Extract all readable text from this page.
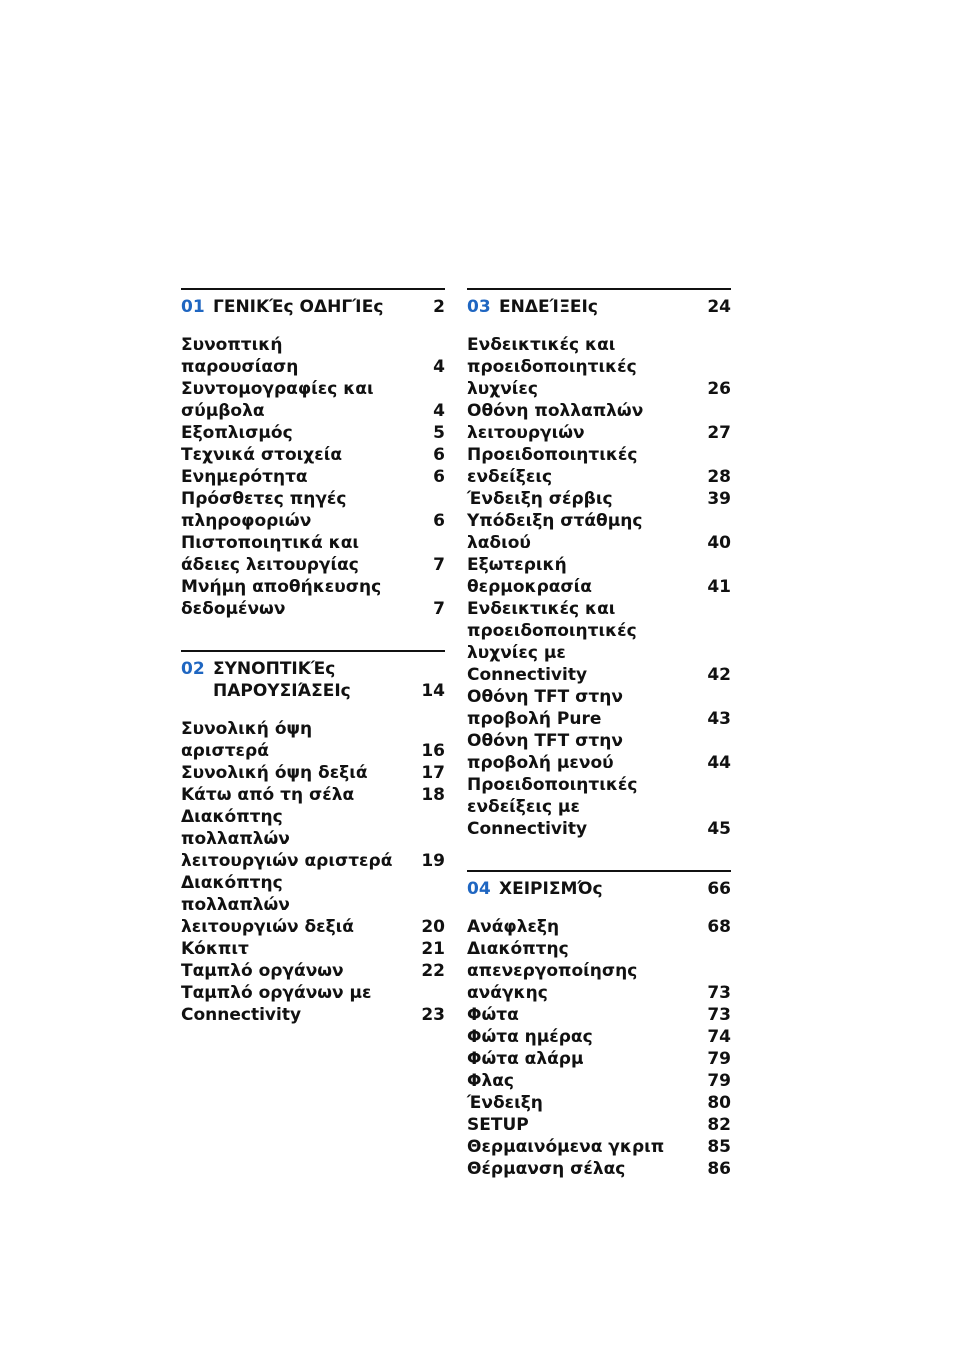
01 ΓΕΝΙΚΈς ΟΔΗΓΊΕς	2
Συνοπτική παρουσίαση	4
Συντομογραφίες και σύμβολα	4
Εξοπλισμός	5
Τεχνικά στοιχεία	6
Ενημερότητα	6
Πρόσθετες πηγές πληροφοριών	6
Πιστοποιητικά και άδειες λειτουργίας	7
Μνήμη αποθήκευσης δεδομένων	7
02 ΣΥΝΟΠΤΙΚΈς ΠΑΡΟΥΣΙΆΣΕΙς	14
Συνολική όψη αριστερά	16
Συνολική όψη δεξιά	17
Κάτω από τη σέλα	18
Διακόπτης πολλαπλών λειτουργιών αριστερά 19
Διακόπτης πολλαπλών λειτουργιών δεξιά	20
Κόκπιτ	21
Ταμπλό οργάνων	22
Ταμπλό οργάνων με Connectivity	23
03 ΕΝΔΕΊΞΕΙς	24
Ενδεικτικές και προειδοποιητικές λυχνίες	26
Οθόνη πολλαπλών λειτουργιών	27
Προειδοποιητικές ενδείξεις	28
Ένδειξη σέρβις	39
Υπόδειξη στάθμης λαδιού	40
Εξωτερική θερμοκρασία	41
Ενδεικτικές και προειδοποιητικές λυχνίες με Connectivity	42
Οθόνη TFT στην προβολή Pure	43
Οθόνη TFT στην προβολή μενού	44
Προειδοποιητικές ενδείξεις με Connectivity	45
04 ΧΕΙΡΙΣΜΌς	66
Ανάφλεξη	68
Διακόπτης απενεργοποίησης ανάγκης	73
Φώτα	73
Φώτα ημέρας	74
Φώτα αλάρμ	79
Φλας	79
Ένδειξη	80
SETUP	82
Θερμαινόμενα γκριπ	85
Θέρμανση σέλας	86
